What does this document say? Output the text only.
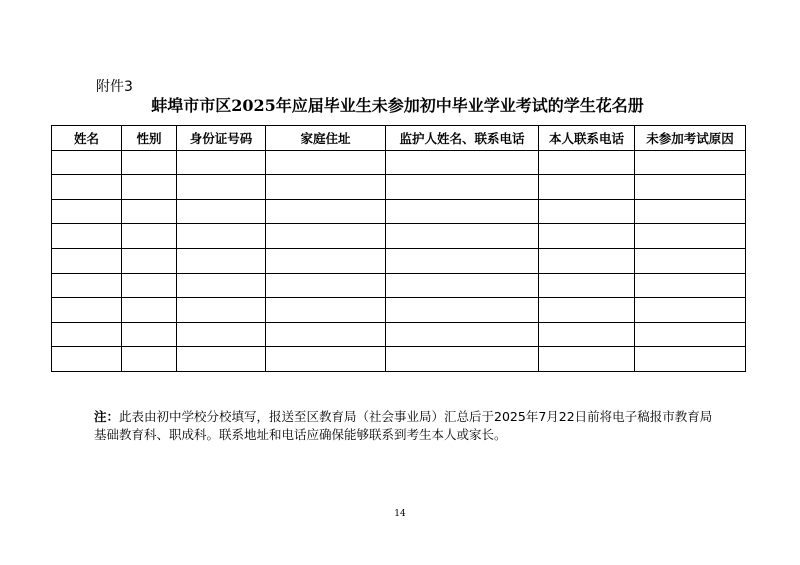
附件3
蚌埠市市区2025年应届毕业生未参加初中毕业学业考试的学生花名册
姓名	性别	身份证号码	家庭住址	监护人姓名、联系电话	本人联系电话	未参加考试原因

注：此表由初中学校分校填写，报送至区教育局（社会事业局）汇总后于2025年7月22日前将电子稿报市教育局基础教育科、职成科。联系地址和电话应确保能够联系到考生本人或家长。
14
